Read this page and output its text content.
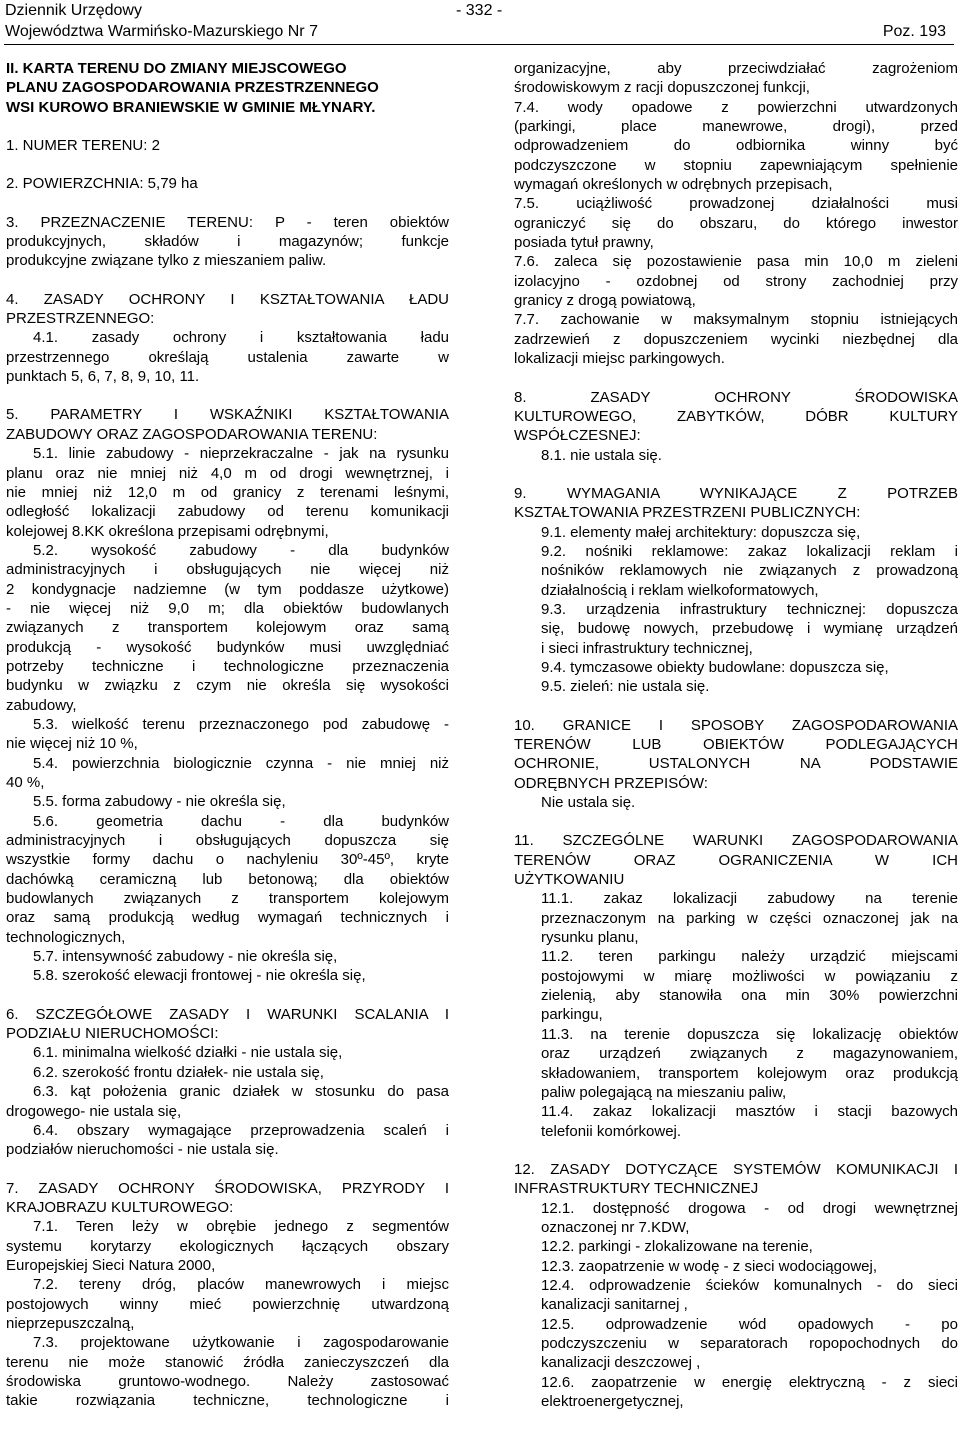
Dziennik Urzędowy
Województwa Warmińsko-Mazurskiego Nr 7
- 332 -
Poz. 193

II. KARTA TERENU DO ZMIANY MIEJSCOWEGO

PLANU ZAGOSPODAROWANIA PRZESTRZENNEGO

WSI KUROWO BRANIEWSKIE W GMINIE MŁYNARY.

1. NUMER TERENU: 2

2. POWIERZCHNIA: 5,79 ha

3. PRZEZNACZENIE TERENU: P - teren obiektów

produkcyjnych, składów i magazynów; funkcje

produkcyjne związane tylko z mieszaniem paliw.

4. ZASADY OCHRONY I KSZTAŁTOWANIA ŁADU

PRZESTRZENNEGO:

4.1. zasady ochrony i kształtowania ładu

przestrzennego określają ustalenia zawarte w

punktach 5, 6, 7, 8, 9, 10, 11.

5. PARAMETRY I WSKAŹNIKI KSZTAŁTOWANIA

ZABUDOWY ORAZ ZAGOSPODAROWANIA TERENU:

5.1. linie zabudowy - nieprzekraczalne - jak na rysunku

planu oraz nie mniej niż 4,0 m od drogi wewnętrznej, i

nie mniej niż 12,0 m od granicy z terenami leśnymi,

odległość lokalizacji zabudowy od terenu komunikacji

kolejowej 8.KK określona przepisami odrębnymi,

5.2. wysokość zabudowy - dla budynków

administracyjnych i obsługujących nie więcej niż

2 kondygnacje nadziemne (w tym poddasze użytkowe)

- nie więcej niż 9,0 m; dla obiektów budowlanych

związanych z transportem kolejowym oraz samą

produkcją - wysokość budynków musi uwzględniać

potrzeby techniczne i technologiczne przeznaczenia

budynku w związku z czym nie określa się wysokości

zabudowy,

5.3. wielkość terenu przeznaczonego pod zabudowę -

nie więcej niż 10 %,

5.4. powierzchnia biologicznie czynna - nie mniej niż

40 %,

5.5. forma zabudowy - nie określa się,

5.6. geometria dachu - dla budynków

administracyjnych i obsługujących dopuszcza się

wszystkie formy dachu o nachyleniu 30º-45º, kryte

dachówką ceramiczną lub betonową; dla obiektów

budowlanych związanych z transportem kolejowym

oraz samą produkcją według wymagań technicznych i

technologicznych,

5.7. intensywność zabudowy - nie określa się,

5.8. szerokość elewacji frontowej - nie określa się,

6. SZCZEGÓŁOWE ZASADY I WARUNKI SCALANIA I

PODZIAŁU NIERUCHOMOŚCI:

6.1. minimalna wielkość działki - nie ustala się,

6.2. szerokość frontu działek- nie ustala się,

6.3. kąt położenia granic działek w stosunku do pasa

drogowego- nie ustala się,

6.4. obszary wymagające przeprowadzenia scaleń i

podziałów nieruchomości - nie ustala się.

7. ZASADY OCHRONY ŚRODOWISKA, PRZYRODY I

KRAJOBRAZU KULTUROWEGO:

7.1. Teren leży w obrębie jednego z segmentów

systemu korytarzy ekologicznych łączących obszary

Europejskiej Sieci Natura 2000,

7.2. tereny dróg, placów manewrowych i miejsc

postojowych winny mieć powierzchnię utwardzoną

nieprzepuszczalną,

7.3. projektowane użytkowanie i zagospodarowanie

terenu nie może stanowić źródła zanieczyszczeń dla

środowiska gruntowo-wodnego. Należy zastosować

takie rozwiązania techniczne, technologiczne i

organizacyjne, aby przeciwdziałać zagrożeniom

środowiskowym z racji dopuszczonej funkcji,

7.4. wody opadowe z powierzchni utwardzonych

(parkingi, place manewrowe, drogi), przed

odprowadzeniem do odbiornika winny być

podczyszczone w stopniu zapewniającym spełnienie

wymagań określonych w odrębnych przepisach,

7.5. uciążliwość prowadzonej działalności musi

ograniczyć się do obszaru, do którego inwestor

posiada tytuł prawny,

7.6. zaleca się pozostawienie pasa min 10,0 m zieleni

izolacyjno - ozdobnej od strony zachodniej przy

granicy z drogą powiatową,

7.7. zachowanie w maksymalnym stopniu istniejących

zadrzewień z dopuszczeniem wycinki niezbędnej dla

lokalizacji miejsc parkingowych.

8. ZASADY OCHRONY ŚRODOWISKA

KULTUROWEGO, ZABYTKÓW, DÓBR KULTURY

WSPÓŁCZESNEJ:

8.1. nie ustala się.

9. WYMAGANIA WYNIKAJĄCE Z POTRZEB

KSZTAŁTOWANIA PRZESTRZENI PUBLICZNYCH:

9.1. elementy małej architektury: dopuszcza się,

9.2. nośniki reklamowe: zakaz lokalizacji reklam i

nośników reklamowych nie związanych z prowadzoną

działalnością i reklam wielkoformatowych,

9.3. urządzenia infrastruktury technicznej: dopuszcza

się, budowę nowych, przebudowę i wymianę urządzeń

i sieci infrastruktury technicznej,

9.4. tymczasowe obiekty budowlane: dopuszcza się,

9.5. zieleń: nie ustala się.

10. GRANICE I SPOSOBY ZAGOSPODAROWANIA

TERENÓW LUB OBIEKTÓW PODLEGAJĄCYCH

OCHRONIE, USTALONYCH NA PODSTAWIE

ODRĘBNYCH PRZEPISÓW:

Nie ustala się.

11. SZCZEGÓLNE WARUNKI ZAGOSPODAROWANIA

TERENÓW ORAZ OGRANICZENIA W ICH

UŻYTKOWANIU

11.1. zakaz lokalizacji zabudowy na terenie

przeznaczonym na parking w części oznaczonej jak na

rysunku planu,

11.2. teren parkingu należy urządzić miejscami

postojowymi w miarę możliwości w powiązaniu z

zielenią, aby stanowiła ona min 30% powierzchni

parkingu,

11.3. na terenie dopuszcza się lokalizację obiektów

oraz urządzeń związanych z magazynowaniem,

składowaniem, transportem kolejowym oraz produkcją

paliw polegającą na mieszaniu paliw,

11.4. zakaz lokalizacji masztów i stacji bazowych

telefonii komórkowej.

12. ZASADY DOTYCZĄCE SYSTEMÓW KOMUNIKACJI I

INFRASTRUKTURY TECHNICZNEJ

12.1. dostępność drogowa - od drogi wewnętrznej

oznaczonej nr 7.KDW,

12.2. parkingi - zlokalizowane na terenie,

12.3. zaopatrzenie w wodę - z sieci wodociągowej,

12.4. odprowadzenie ścieków komunalnych - do sieci

kanalizacji sanitarnej ,

12.5. odprowadzenie wód opadowych - po

podczyszczeniu w separatorach ropopochodnych do

kanalizacji deszczowej ,

12.6. zaopatrzenie w energię elektryczną - z sieci

elektroenergetycznej,
